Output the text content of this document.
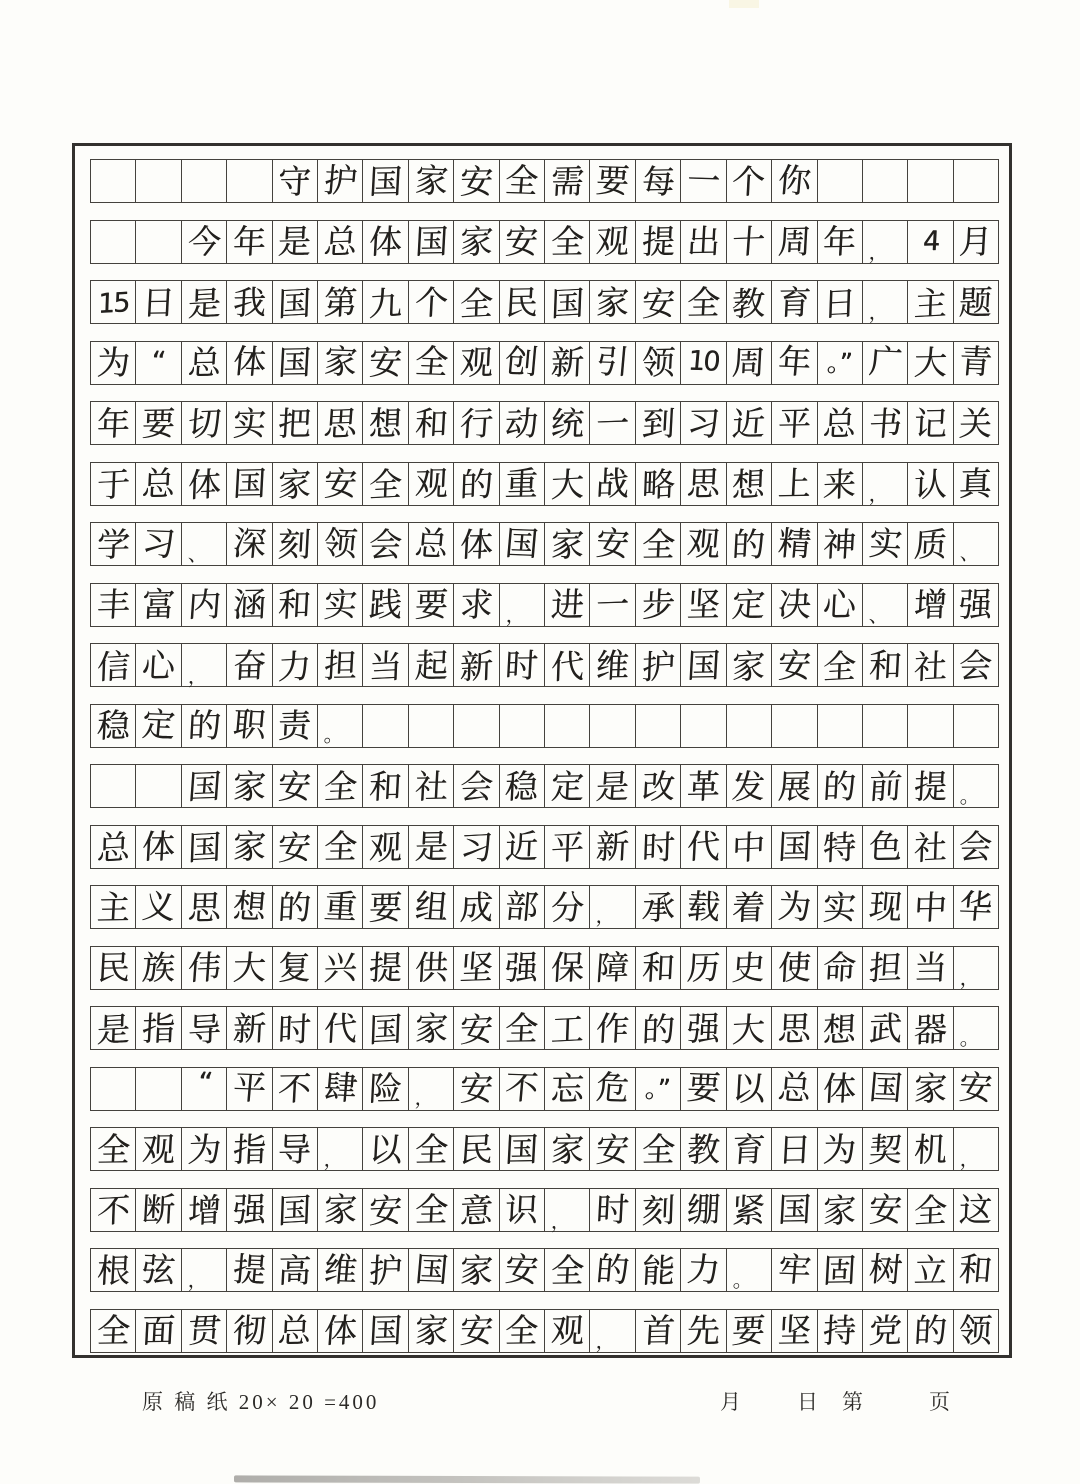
守 护 国 家 安 全 需 要 每 一 个 你
今 年 是 总 体 国 家 安 全 观 提 出 十 周 年 ， 4 月
15 日 是 我 国 第 九 个 全 民 国 家 安 全 教 育 日 ， 主 题
为 “ 总 体 国 家 安 全 观 创 新 引 领 10 周 年 。” 广 大 青
年 要 切 实 把 思 想 和 行 动 统 一 到 习 近 平 总 书 记 关
于 总 体 国 家 安 全 观 的 重 大 战 略 思 想 上 来 ， 认 真
学 习 、 深 刻 领 会 总 体 国 家 安 全 观 的 精 神 实 质 、
丰 富 内 涵 和 实 践 要 求 ， 进 一 步 坚 定 决 心 、 增 强
信 心 ， 奋 力 担 当 起 新 时 代 维 护 国 家 安 全 和 社 会
稳 定 的 职 责 。
国 家 安 全 和 社 会 稳 定 是 改 革 发 展 的 前 提 。
总 体 国 家 安 全 观 是 习 近 平 新 时 代 中 国 特 色 社 会
主 义 思 想 的 重 要 组 成 部 分 ， 承 载 着 为 实 现 中 华
民 族 伟 大 复 兴 提 供 坚 强 保 障 和 历 史 使 命 担 当 ，
是 指 导 新 时 代 国 家 安 全 工 作 的 强 大 思 想 武 器 。
“ 平 不 肆 险 ， 安 不 忘 危 。” 要 以 总 体 国 家 安
全 观 为 指 导 ， 以 全 民 国 家 安 全 教 育 日 为 契 机 ，
不 断 增 强 国 家 安 全 意 识 ， 时 刻 绷 紧 国 家 安 全 这
根 弦 ， 提 高 维 护 国 家 安 全 的 能 力 。 牢 固 树 立 和
全 面 贯 彻 总 体 国 家 安 全 观 ， 首 先 要 坚 持 党 的 领
原 稿 纸 20× 20 =400	月	日 第	页
